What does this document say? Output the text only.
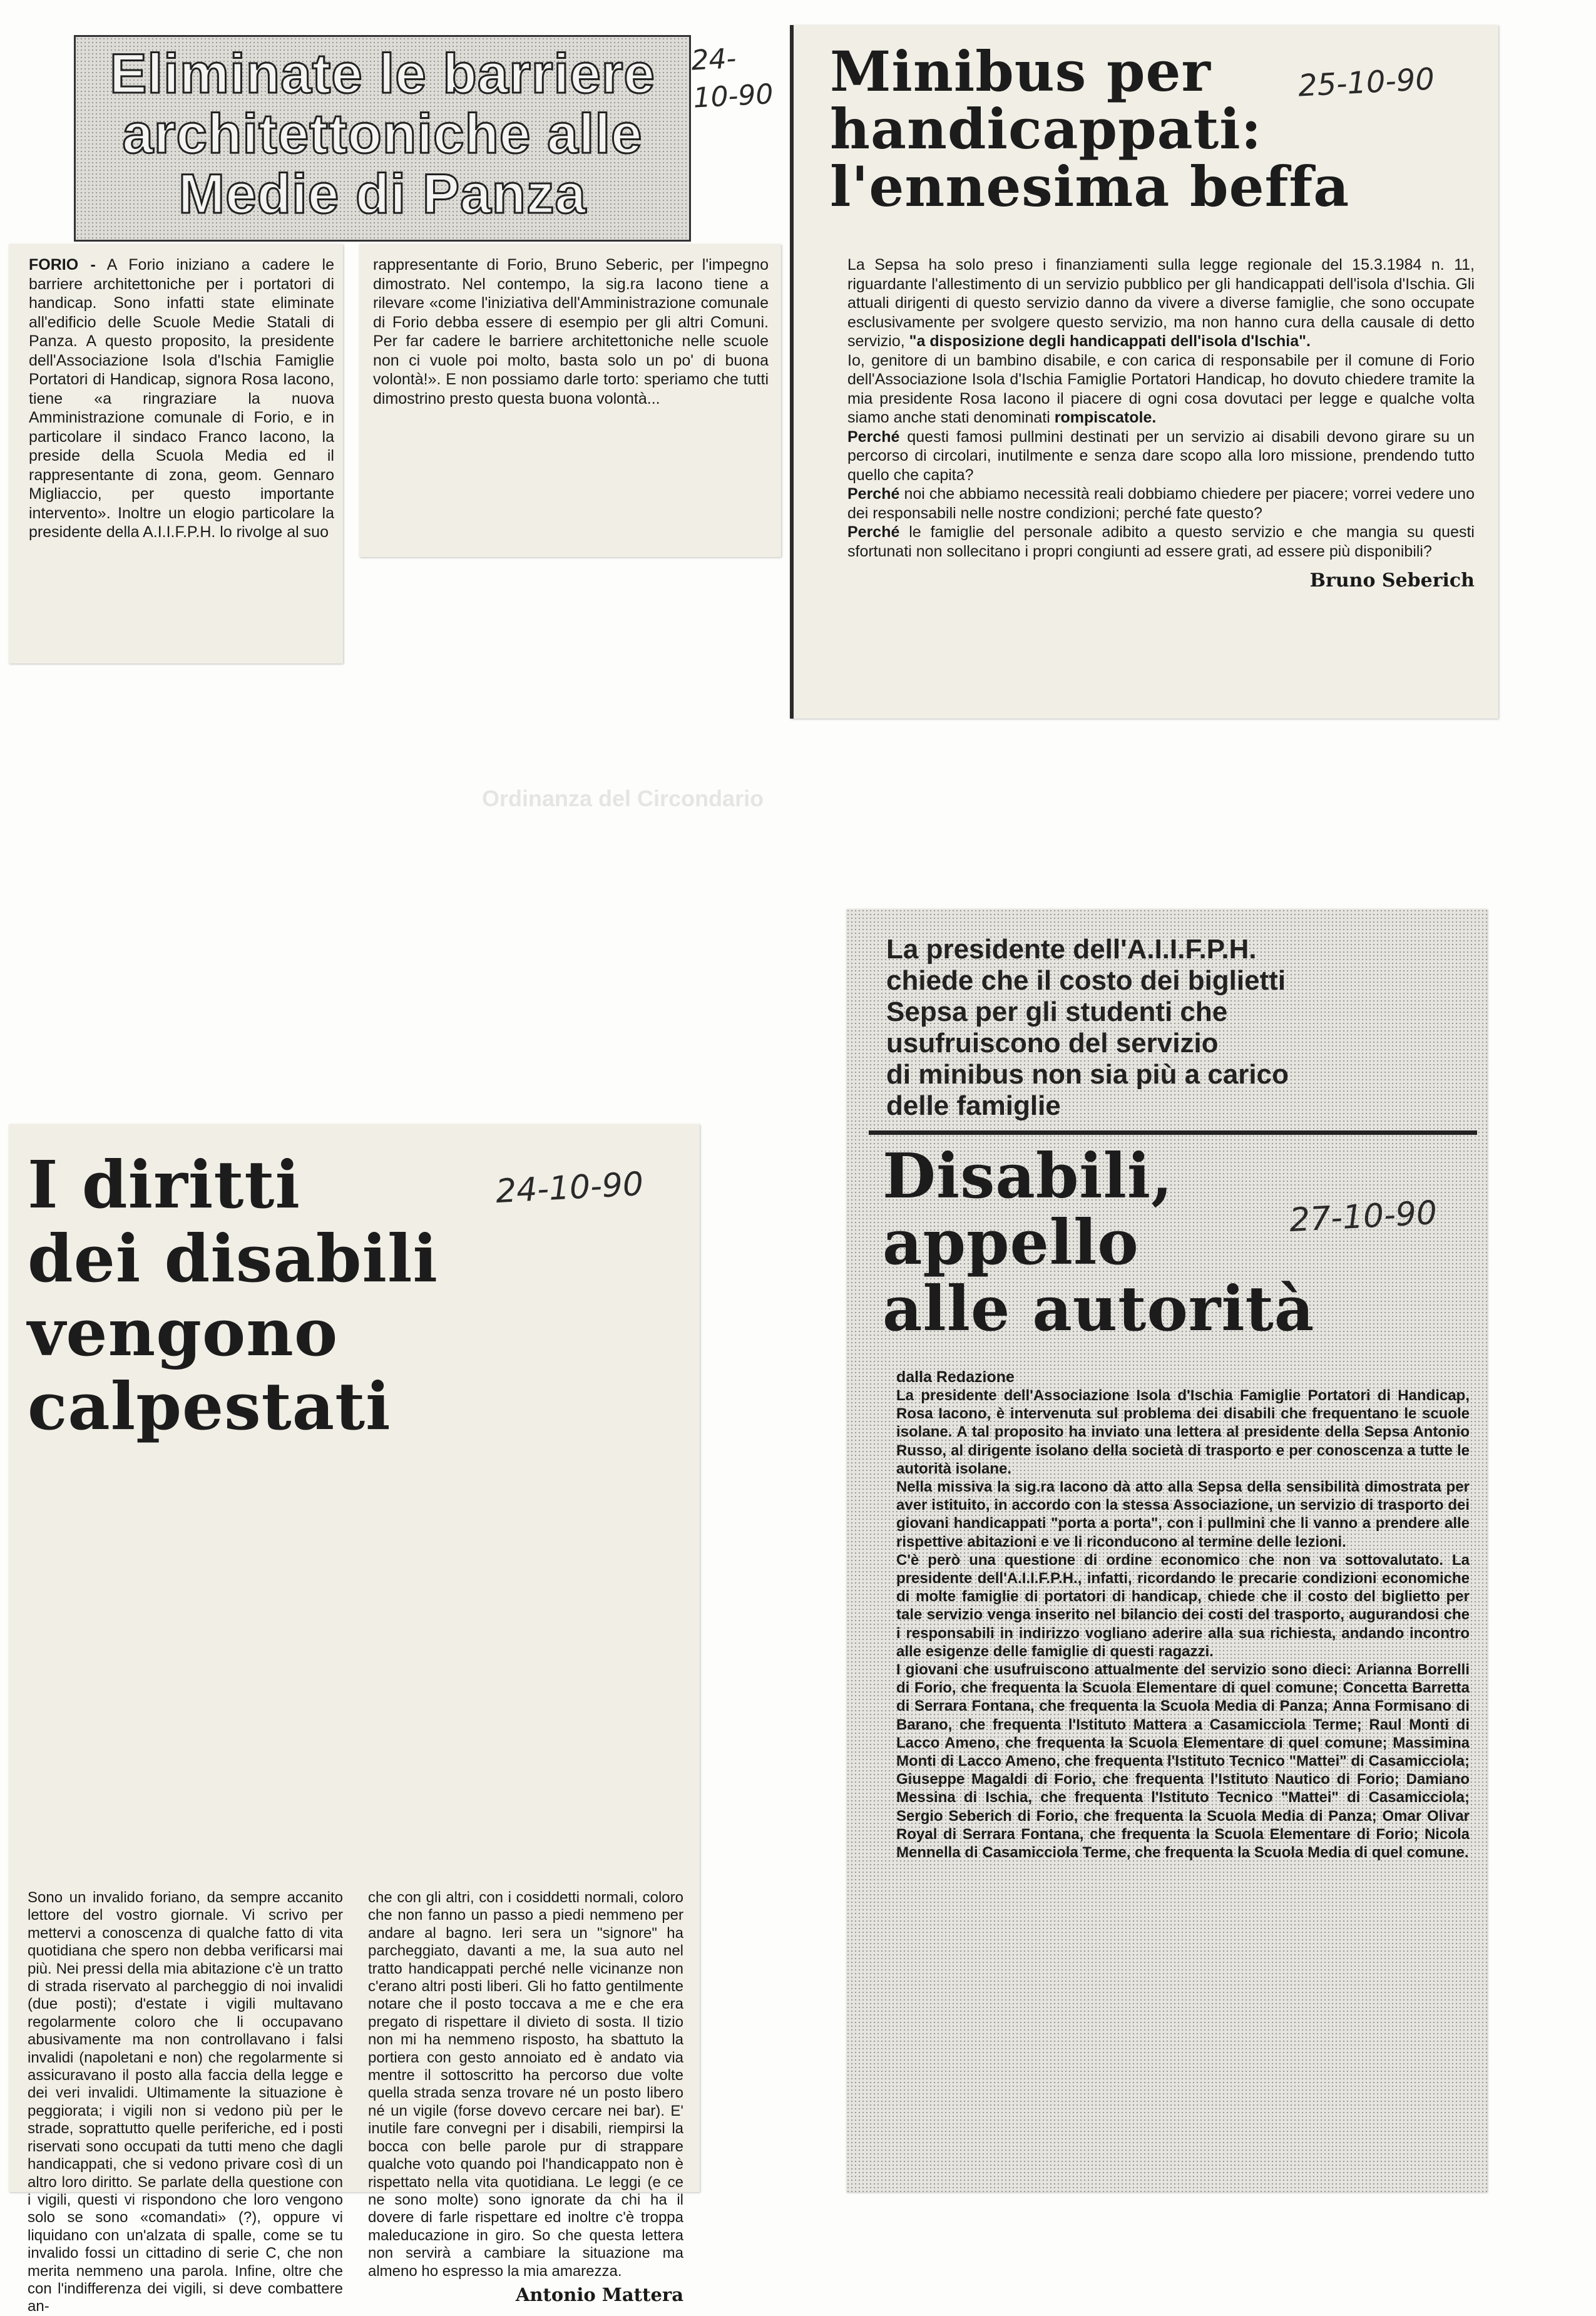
Ordinanza del Circondario
Eliminate le barriere
architettoniche alle
Medie di Panza
24-10-90

FORIO - A Forio iniziano a cadere le barriere architettoniche per i portatori di handicap. Sono infatti state eliminate all'edificio delle Scuole Medie Statali di Panza. A questo proposito, la presidente dell'Associazione Isola d'Ischia Famiglie Portatori di Handicap, signora Rosa Iacono, tiene «a ringraziare la nuova Amministrazione comunale di Forio, e in particolare il sindaco Franco Iacono, la preside della Scuola Media ed il rappresentante di zona, geom. Gennaro Migliaccio, per questo importante intervento». Inoltre un elogio particolare la presidente della A.I.I.F.P.H. lo rivolge al suo

rappresentante di Forio, Bruno Seberic, per l'impegno dimostrato. Nel contempo, la sig.ra Iacono tiene a rilevare «come l'iniziativa dell'Amministrazione comunale di Forio debba essere di esempio per gli altri Comuni. Per far cadere le barriere architettoniche nelle scuole non ci vuole poi molto, basta solo un po' di buona volontà!». E non possiamo darle torto: speriamo che tutti dimostrino presto questa buona volontà...

Minibus per
handicappati:
l'ennesima beffa
25-10-90

La Sepsa ha solo preso i finanziamenti sulla legge regionale del 15.3.1984 n. 11, riguardante l'allestimento di un servizio pubblico per gli handicappati dell'isola d'Ischia. Gli attuali dirigenti di questo servizio danno da vivere a diverse famiglie, che sono occupate esclusivamente per svolgere questo servizio, ma non hanno cura della causale di detto servizio, "a disposizione degli handicappati dell'isola d'Ischia".

Io, genitore di un bambino disabile, e con carica di responsabile per il comune di Forio dell'Associazione Isola d'Ischia Famiglie Portatori Handicap, ho dovuto chiedere tramite la mia presidente Rosa Iacono il piacere di ogni cosa dovutaci per legge e qualche volta siamo anche stati denominati rompiscatole.

Perché questi famosi pullmini destinati per un servizio ai disabili devono girare su un percorso di circolari, inutilmente e senza dare scopo alla loro missione, prendendo tutto quello che capita?

Perché noi che abbiamo necessità reali dobbiamo chiedere per piacere; vorrei vedere uno dei responsabili nelle nostre condizioni; perché fate questo?

Perché le famiglie del personale adibito a questo servizio e che mangia su questi sfortunati non sollecitano i propri congiunti ad essere grati, ad essere più disponibili?

Bruno Seberich
I diritti
dei disabili
vengono
calpestati
24-10-90

Sono un invalido foriano, da sempre accanito lettore del vostro giornale. Vi scrivo per mettervi a conoscenza di qualche fatto di vita quotidiana che spero non debba verificarsi mai più. Nei pressi della mia abitazione c'è un tratto di strada riservato al parcheggio di noi invalidi (due posti); d'estate i vigili multavano regolarmente coloro che li occupavano abusivamente ma non controllavano i falsi invalidi (napoletani e non) che regolarmente si assicuravano il posto alla faccia della legge e dei veri invalidi. Ultimamente la situazione è peggiorata; i vigili non si vedono più per le strade, soprattutto quelle periferiche, ed i posti riservati sono occupati da tutti meno che dagli handicappati, che si vedono privare così di un altro loro diritto. Se parlate della questione con i vigili, questi vi rispondono che loro vengono solo se sono «comandati» (?), oppure vi liquidano con un'alzata di spalle, come se tu invalido fossi un cittadino di serie C, che non merita nemmeno una parola. Infine, oltre che con l'indifferenza dei vigili, si deve combattere an-

che con gli altri, con i cosiddetti normali, coloro che non fanno un passo a piedi nemmeno per andare al bagno. Ieri sera un "signore" ha parcheggiato, davanti a me, la sua auto nel tratto handicappati perché nelle vicinanze non c'erano altri posti liberi. Gli ho fatto gentilmente notare che il posto toccava a me e che era pregato di rispettare il divieto di sosta. Il tizio non mi ha nemmeno risposto, ha sbattuto la portiera con gesto annoiato ed è andato via mentre il sottoscritto ha percorso due volte quella strada senza trovare né un posto libero né un vigile (forse dovevo cercare nei bar). E' inutile fare convegni per i disabili, riempirsi la bocca con belle parole pur di strappare qualche voto quando poi l'handicappato non è rispettato nella vita quotidiana. Le leggi (e ce ne sono molte) sono ignorate da chi ha il dovere di farle rispettare ed inoltre c'è troppa maleducazione in giro. So che questa lettera non servirà a cambiare la situazione ma almeno ho espresso la mia amarezza.

Antonio Mattera
La presidente dell'A.I.I.F.P.H.
chiede che il costo dei biglietti
Sepsa per gli studenti che
usufruiscono del servizio
di minibus non sia più a carico
delle famiglie
Disabili,
appello
alle autorità
27-10-90
dalla Redazione

La presidente dell'Associazione Isola d'Ischia Famiglie Portatori di Handicap, Rosa Iacono, è intervenuta sul problema dei disabili che frequentano le scuole isolane. A tal proposito ha inviato una lettera al presidente della Sepsa Antonio Russo, al dirigente isolano della società di trasporto e per conoscenza a tutte le autorità isolane.

Nella missiva la sig.ra Iacono dà atto alla Sepsa della sensibilità dimostrata per aver istituito, in accordo con la stessa Associazione, un servizio di trasporto dei giovani handicappati "porta a porta", con i pullmini che li vanno a prendere alle rispettive abitazioni e ve li riconducono al termine delle lezioni.

C'è però una questione di ordine economico che non va sottovalutato. La presidente dell'A.I.I.F.P.H., infatti, ricordando le precarie condizioni economiche di molte famiglie di portatori di handicap, chiede che il costo del biglietto per tale servizio venga inserito nel bilancio dei costi del trasporto, augurandosi che i responsabili in indirizzo vogliano aderire alla sua richiesta, andando incontro alle esigenze delle famiglie di questi ragazzi.

I giovani che usufruiscono attualmente del servizio sono dieci: Arianna Borrelli di Forio, che frequenta la Scuola Elementare di quel comune; Concetta Barretta di Serrara Fontana, che frequenta la Scuola Media di Panza; Anna Formisano di Barano, che frequenta l'Istituto Mattera a Casamicciola Terme; Raul Monti di Lacco Ameno, che frequenta la Scuola Elementare di quel comune; Massimina Monti di Lacco Ameno, che frequenta l'Istituto Tecnico "Mattei" di Casamicciola; Giuseppe Magaldi di Forio, che frequenta l'Istituto Nautico di Forio; Damiano Messina di Ischia, che frequenta l'Istituto Tecnico "Mattei" di Casamicciola; Sergio Seberich di Forio, che frequenta la Scuola Media di Panza; Omar Olivar Royal di Serrara Fontana, che frequenta la Scuola Elementare di Forio; Nicola Mennella di Casamicciola Terme, che frequenta la Scuola Media di quel comune.
